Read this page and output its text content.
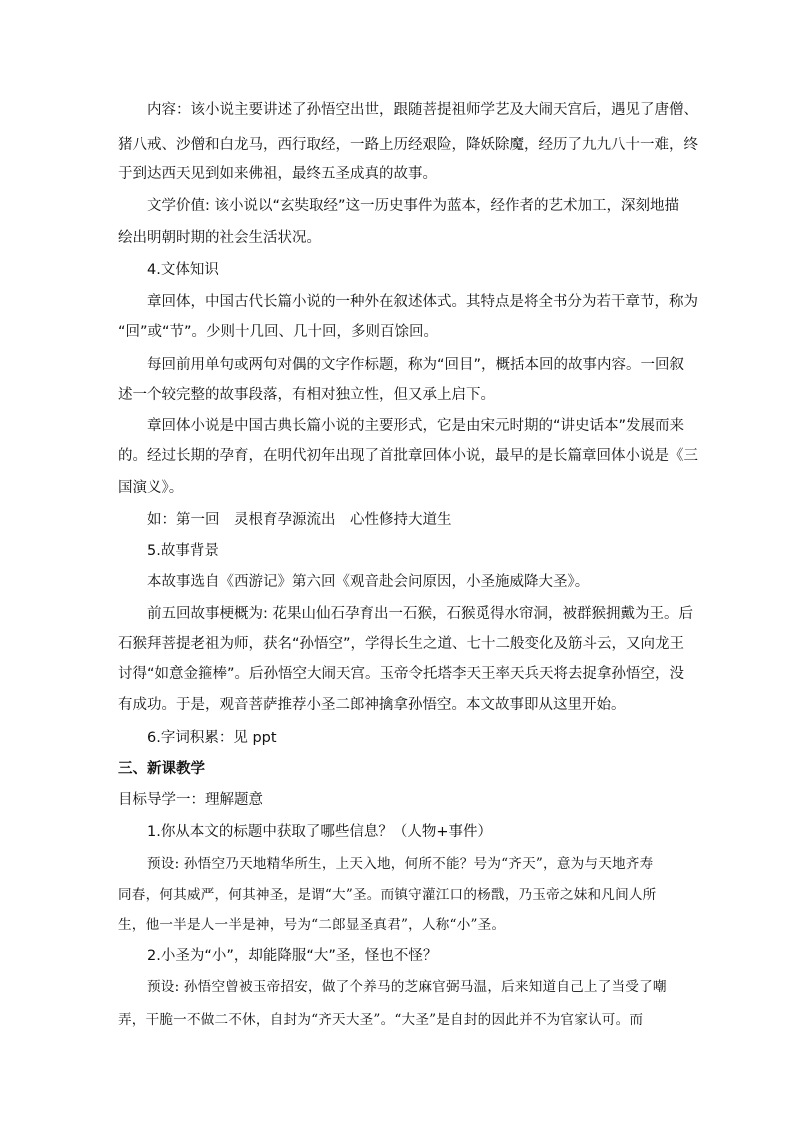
内容：该小说主要讲述了孙悟空出世，跟随菩提祖师学艺及大闹天宫后，遇见了唐僧、
猪八戒、沙僧和白龙马，西行取经，一路上历经艰险，降妖除魔，经历了九九八十一难，终
于到达西天见到如来佛祖，最终五圣成真的故事。
文学价值: 该小说以“玄奘取经”这一历史事件为蓝本，经作者的艺术加工，深刻地描
绘出明朝时期的社会生活状况。
4.文体知识
章回体，中国古代长篇小说的一种外在叙述体式。其特点是将全书分为若干章节，称为
“回”或“节”。少则十几回、几十回，多则百馀回。
每回前用单句或两句对偶的文字作标题，称为“回目”，概括本回的故事内容。一回叙
述一个较完整的故事段落，有相对独立性，但又承上启下。
章回体小说是中国古典长篇小说的主要形式，它是由宋元时期的“讲史话本”发展而来
的。经过长期的孕育，在明代初年出现了首批章回体小说，最早的是长篇章回体小说是《三
国演义》。
如：第一回　灵根育孕源流出　心性修持大道生
5.故事背景
本故事选自《西游记》第六回《观音赴会问原因，小圣施威降大圣》。
前五回故事梗概为: 花果山仙石孕育出一石猴，石猴觅得水帘洞，被群猴拥戴为王。后
石猴拜菩提老祖为师，获名“孙悟空”，学得长生之道、七十二般变化及筋斗云，又向龙王
讨得“如意金箍棒”。后孙悟空大闹天宫。玉帝令托塔李天王率天兵天将去捉拿孙悟空，没
有成功。于是，观音菩萨推荐小圣二郎神擒拿孙悟空。本文故事即从这里开始。
6.字词积累：见 ppt
三、新课教学
目标导学一：理解题意
1.你从本文的标题中获取了哪些信息？（人物+事件）
预设: 孙悟空乃天地精华所生，上天入地，何所不能？号为“齐天”，意为与天地齐寿
同春，何其威严，何其神圣，是谓“大”圣。而镇守灌江口的杨戬，乃玉帝之妹和凡间人所
生，他一半是人一半是神，号为“二郎显圣真君”，人称“小”圣。
2.小圣为“小”，却能降服“大”圣，怪也不怪？
预设: 孙悟空曾被玉帝招安，做了个养马的芝麻官弼马温，后来知道自己上了当受了嘲
弄，干脆一不做二不休，自封为“齐天大圣”。“大圣”是自封的因此并不为官家认可。而
